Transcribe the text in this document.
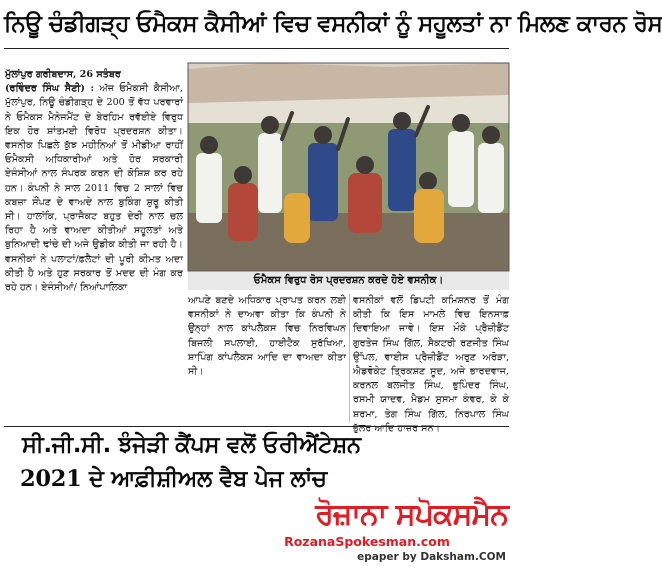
ਨਿਊ ਚੰਡੀਗੜ੍ਹ ਓਮੈਕਸ ਕੈਸੀਆਂ ਵਿਚ ਵਸਨੀਕਾਂ ਨੂੰ ਸਹੂਲਤਾਂ ਨਾ ਮਿਲਣ ਕਾਰਨ ਰੋਸ

ਮੁੱਲਾਂਪੁਰ ਗਰੀਬਦਾਸ, 26 ਸਤੰਬਰ

(ਰਵਿੰਦਰ ਸਿੰਘ ਸੈਣੀ) : ਅੱਜ ਓਮੈਕਸੀ ਕੈਸੀਆ, ਮੁੱਲਾਂਪੁਰ, ਨਿਊ ਚੰਡੀਗੜ੍ਹ ਦੇ 200 ਤੋਂ ਵੱਧ ਪਰਵਾਰਾਂ ਨੇ ਓਮੈਕਸ ਮੈਨੇਜਮੈਂਟ ਦੇ ਬੇਰਹਿਮ ਰਵੱਈਏ ਵਿਰੁਧ ਇਕ ਹੋਰ ਸ਼ਾਂਤਮਈ ਵਿਰੋਧ ਪ੍ਰਦਰਸ਼ਨ ਕੀਤਾ। ਵਸਨੀਕ ਪਿਛਲੇ ਕੁੱਝ ਮਹੀਨਿਆਂ ਤੋਂ ਮੀਡੀਆ ਰਾਹੀਂ ਓਮੈਕਸੀ ਅਧਿਕਾਰੀਆਂ ਅਤੇ ਹੋਰ ਸਰਕਾਰੀ ਏਜੰਸੀਆਂ ਨਾਲ ਸੰਪਰਕ ਕਰਨ ਦੀ ਕੋਸ਼ਿਸ਼ ਕਰ ਰਹੇ ਹਨ। ਕੰਪਨੀ ਨੇ ਸਾਲ 2011 ਵਿਚ 2 ਸਾਲਾਂ ਵਿਚ ਕਬਜ਼ਾ ਸੌਂਪਣ ਦੇ ਵਾਅਦੇ ਨਾਲ ਬੁਕਿੰਗ ਸ਼ੁਰੂ ਕੀਤੀ ਸੀ। ਹਾਲਾਂਕਿ, ਪ੍ਰਾਜੈਕਟ ਬਹੁਤ ਦੇਰੀ ਨਾਲ ਚਲ ਰਿਹਾ ਹੈ ਅਤੇ ਵਾਅਦਾ ਕੀਤੀਆਂ ਸਹੂਲਤਾਂ ਅਤੇ ਬੁਨਿਆਦੀ ਢਾਂਚੇ ਦੀ ਅਜੇ ਉਡੀਕ ਕੀਤੀ ਜਾ ਰਹੀ ਹੈ। ਵਸਨੀਕਾਂ ਨੇ ਪਲਾਟਾਂ/ਫ਼ਲੈਟਾਂ ਦੀ ਪੂਰੀ ਕੀਮਤ ਅਦਾ ਕੀਤੀ ਹੈ ਅਤੇ ਹੁਣ ਸਰਕਾਰ ਤੋਂ ਮਦਦ ਦੀ ਮੰਗ ਕਰ ਰਹੇ ਹਨ। ਏਜੰਸੀਆਂ/ ਨਿਆਂਪਾਲਿਕਾ

ਓਮੈਕਸ ਵਿਰੁਧ ਰੋਸ ਪ੍ਰਦਰਸ਼ਨ ਕਰਦੇ ਹੋਏ ਵਸਨੀਕ।

ਆਪਣੇ ਬਣਦੇ ਅਧਿਕਾਰ ਪ੍ਰਾਪਤ ਕਰਨ ਲਈ ਵਸਨੀਕਾਂ ਨੇ ਦਾਅਵਾ ਕੀਤਾ ਕਿ ਕੰਪਨੀ ਨੇ ਉਨ੍ਹਾਂ ਨਾਲ ਕਾਂਪਲੈਕਸ ਵਿਚ ਨਿਰਵਿਘਨ ਬਿਜਲੀ ਸਪਲਾਈ, ਹਾਈਟੈਕ ਸੁਰੱਖਿਆ, ਸ਼ਾਪਿੰਗ ਕਾਂਪਲੈਕਸ ਆਦਿ ਦਾ ਵਾਅਦਾ ਕੀਤਾ ਸੀ।

ਵਸਨੀਕਾਂ ਵਲੋਂ ਡਿਪਟੀ ਕਮਿਸ਼ਨਰ ਤੋਂ ਮੰਗ ਕੀਤੀ ਕਿ ਇਸ ਮਾਮਲੇ ਵਿਚ ਇਨਸਾਫ਼ ਦਿਵਾਇਆ ਜਾਵੇ। ਇਸ ਮੌਕੇ ਪ੍ਰੈਜ਼ੀਡੈਂਟ ਗੁਰਤੇਜ ਸਿੰਘ ਗਿੱਲ, ਸੈਕਟਰੀ ਰਣਜੀਤ ਸਿੰਘ ਉੱਪਲ, ਵਾਈਸ ਪ੍ਰੈਜ਼ੀਡੈਂਟ ਅਰੁਣ ਅਰੋੜਾ, ਐਡਵੋਕੇਟ ਤ੍ਰਿਕਸ਼ਣ ਸੂਦ, ਅਜੇ ਭਾਰਦਵਾਜ, ਕਰਨਲ ਬਲਜੀਤ ਸਿੰਘ, ਭੁਪਿੰਦਰ ਸਿੰਘ, ਰਸਮੀ ਯਾਦਵ, ਮੈਡਮ ਸੁਸਮਾ ਕੰਵਰ, ਕੇ ਕੇ ਸ਼ਰਮਾ, ਤੇਗ ਸਿੰਘ ਗਿੱਲ, ਨਿਰਪਾਲ ਸਿੰਘ ਭੁੱਲਰ ਆਦਿ ਹਾਜ਼ਰ ਸਨ।

ਸੀ.ਜੀ.ਸੀ. ਝੰਜੇੜੀ ਕੈਂਪਸ ਵਲੋਂ ਓਰੀਐਂਟੇਸ਼ਨ
2021 ਦੇ ਆਫ਼ੀਸ਼ੀਅਲ ਵੈਬ ਪੇਜ ਲਾਂਚ
ਰੋਜ਼ਾਨਾ ਸਪੋਕਸਮੈਨ
RozanaSpokesman.com
epaper by Daksham.COM
